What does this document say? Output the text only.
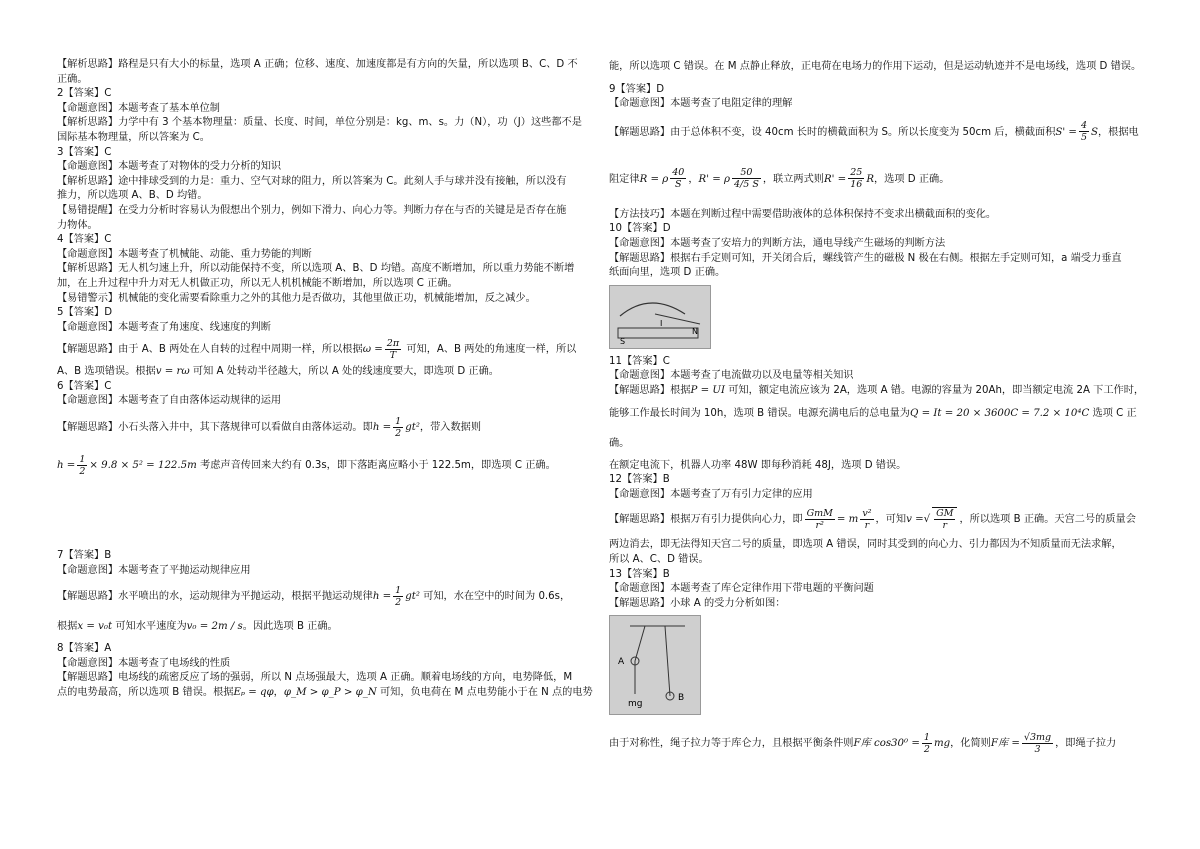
【解析思路】路程是只有大小的标量，选项 A 正确；位移、速度、加速度都是有方向的矢量，所以选项 B、C、D 不

正确。

2【答案】C

【命题意图】本题考查了基本单位制

【解析思路】力学中有 3 个基本物理量：质量、长度、时间，单位分别是：kg、m、s。力（N），功（J）这些都不是

国际基本物理量，所以答案为 C。

3【答案】C

【命题意图】本题考查了对物体的受力分析的知识

【解析思路】途中排球受到的力是：重力、空气对球的阻力，所以答案为 C。此刻人手与球并没有接触，所以没有

推力，所以选项 A、B、D 均错。

【易错提醒】在受力分析时容易认为假想出个别力，例如下滑力、向心力等。判断力存在与否的关键是是否存在施

力物体。

4【答案】C

【命题意图】本题考查了机械能、动能、重力势能的判断

【解析思路】无人机匀速上升，所以动能保持不变，所以选项 A、B、D 均错。高度不断增加，所以重力势能不断增

加，在上升过程中升力对无人机做正功，所以无人机机械能不断增加，所以选项 C 正确。

【易错警示】机械能的变化需要看除重力之外的其他力是否做功，其他里做正功，机械能增加，反之减少。

5【答案】D

【命题意图】本题考查了角速度、线速度的判断

【解题思路】由于 A、B 两处在人自转的过程中周期一样，所以根据$\omega = \frac{2\pi}{T}$ 可知，A、B 两处的角速度一样，所以

A、B 选项错误。根据v = rω 可知 A 处转动半径越大，所以 A 处的线速度要大，即选项 D 正确。

6【答案】C

【命题意图】本题考查了自由落体运动规律的运用

【解题思路】小石头落入井中，其下落规律可以看做自由落体运动。即$h = \frac{1}{2} gt^2$，带入数据则

$h = \frac{1}{2} \times 9.8 \times 5^2 = 122.5m$ 考虑声音传回来大约有 0.3s，即下落距离应略小于 122.5m，即选项 C 正确。

7【答案】B

【命题意图】本题考查了平抛运动规律应用

【解题思路】水平喷出的水，运动规律为平抛运动，根据平抛运动规律$h = \frac{1}{2} gt^2$ 可知，水在空中的时间为 0.6s，

根据x = v₀t 可知水平速度为v₀ = 2m / s。因此选项 B 正确。

8【答案】A

【命题意图】本题考查了电场线的性质

【解题思路】电场线的疏密反应了场的强弱，所以 N 点场强最大，选项 A 正确。顺着电场线的方向，电势降低，M

点的电势最高，所以选项 B 错误。根据Eₚ = qφ，φ_M > φ_P > φ_N 可知，负电荷在 M 点电势能小于在 N 点的电势

能，所以选项 C 错误。在 M 点静止释放，正电荷在电场力的作用下运动，但是运动轨迹并不是电场线，选项 D 错误。

9【答案】D

【命题意图】本题考查了电阻定律的理解

【解题思路】由于总体积不变，设 40cm 长时的横截面积为 S。所以长度变为 50cm 后，横截面积$S' = \frac{4}{5}$ S，根据电

阻定律R = ρ $\frac{40}{S}$ ，R' = ρ $\frac{50}{4/5 S}$ ，联立两式则$R' = \frac{25}{16}$ R，选项 D 正确。

【方法技巧】本题在判断过程中需要借助液体的总体积保持不变求出横截面积的变化。

10【答案】D

【命题意图】本题考查了安培力的判断方法，通电导线产生磁场的判断方法

【解题思路】根据右手定则可知，开关闭合后，螺线管产生的磁极 N 极在右侧。根据左手定则可知，a 端受力垂直

纸面向里，选项 D 正确。

S
N
I

11【答案】C

【命题意图】本题考查了电流做功以及电量等相关知识

【解题思路】根据P = UI 可知，额定电流应该为 2A，选项 A 错。电源的容量为 20Ah，即当额定电流 2A 下工作时，

能够工作最长时间为 10h，选项 B 错误。电源充满电后的总电量为Q = It = 20 × 3600C = 7.2 × 10⁴C 选项 C 正确。

在额定电流下，机器人功率 48W 即每秒消耗 48J，选项 D 错误。

12【答案】B

【命题意图】本题考查了万有引力定律的应用

【解题思路】根据万有引力提供向心力，即
GmM
r²	= m $\frac{\text{v²}}{r}$ ，可知v =√ $\frac{GM}{r}$ ，所以选项 B 正确。天宫二号的质量会

两边消去，即无法得知天宫二号的质量，即选项 A 错误，同时其受到的向心力、引力都因为不知质量而无法求解，

所以 A、C、D 错误。

13【答案】B

【命题意图】本题考查了库仑定律作用下带电题的平衡问题

【解题思路】小球 A 的受力分析如图：

A
B
mg

由于对称性，绳子拉力等于库仑力，且根据平衡条件则F库 $\cos 30^0 = \frac{1}{2}$ mg，化简则F库 = $\frac{√3mg}{3}$ ，即绳子拉力
